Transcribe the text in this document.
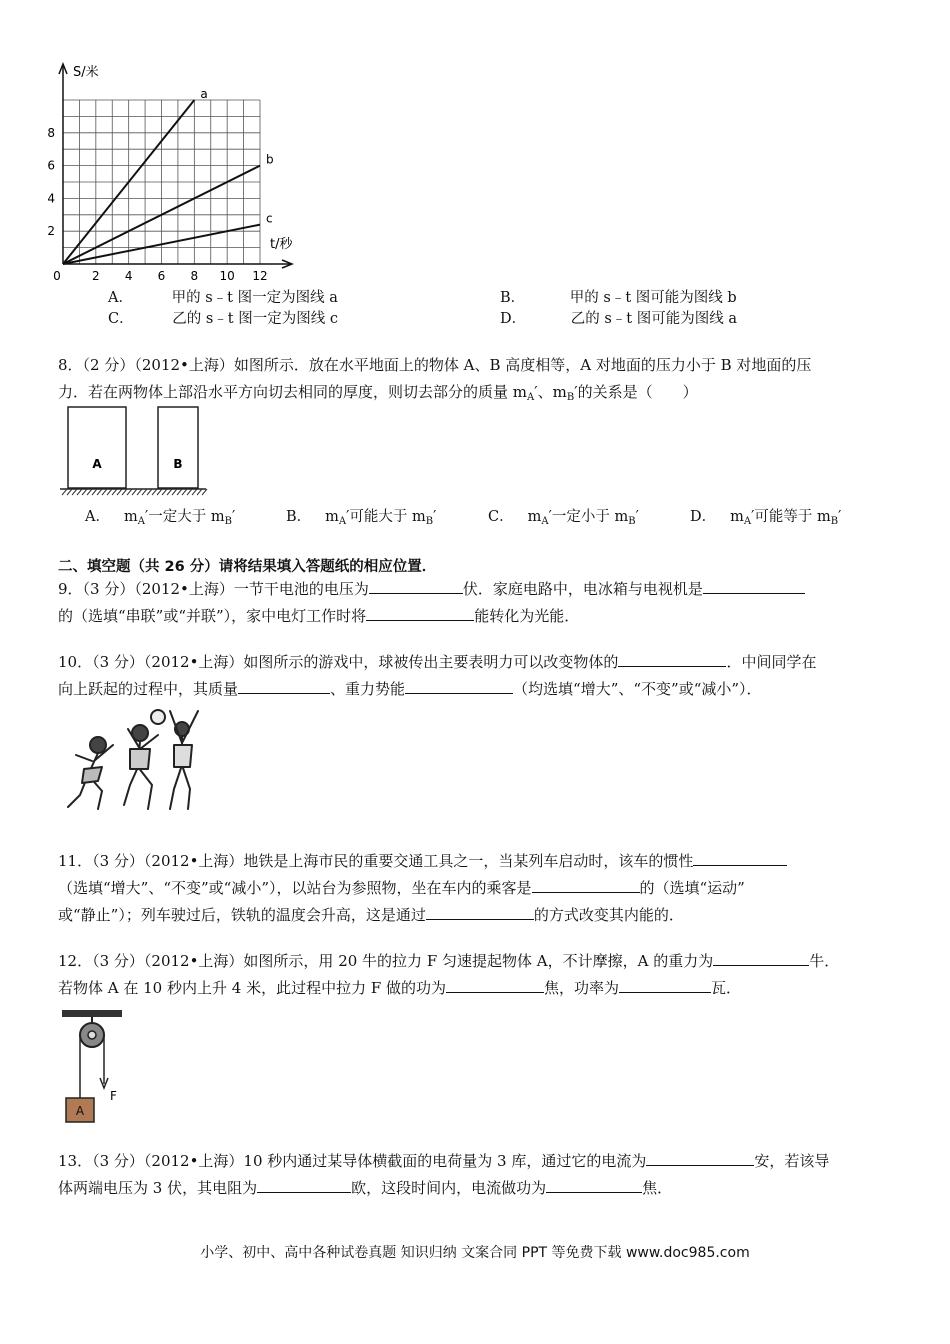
a
b
c
0	2 4 6 8 10 12
2
4
6
8
S/米
t/秒
A．	甲的 s﹣t 图一定为图线 a	B．	甲的 s﹣t 图可能为图线 b
C．	乙的 s﹣t 图一定为图线 c	D．	乙的 s﹣t 图可能为图线 a
8．（2 分）（2012•上海）如图所示．放在水平地面上的物体 A、B 高度相等，A 对地面的压力小于 B 对地面的压
力．若在两物体上部沿水平方向切去相同的厚度，则切去部分的质量 $m_A'$、$m_B'$的关系是（　　）
A	B
A． $m_A'$一定大于 $m_B'$	B． $m_A'$可能大于 $m_B'$	C． $m_A'$一定小于 $m_B'$	D． $m_A'$可能等于 $m_B'$
二、填空题（共 26 分）请将结果填入答题纸的相应位置．
9．（3 分）（2012•上海）一节干电池的电压为	伏．家庭电路中，电冰箱与电视机是
的（选填“串联”或“并联”），家中电灯工作时将	能转化为光能．
10．（3 分）（2012•上海）如图所示的游戏中，球被传出主要表明力可以改变物体的	．中间同学在
向上跃起的过程中，其质量	、重力势能	（均选填“增大”、“不变”或“减小”）．
11．（3 分）（2012•上海）地铁是上海市民的重要交通工具之一，当某列车启动时，该车的惯性
（选填“增大”、“不变”或“减小”），以站台为参照物，坐在车内的乘客是	的（选填“运动”
或“静止”）；列车驶过后，铁轨的温度会升高，这是通过	的方式改变其内能的．
12．（3 分）（2012•上海）如图所示，用 20 牛的拉力 F 匀速提起物体 A，不计摩擦，A 的重力为	牛．
若物体 A 在 10 秒内上升 4 米，此过程中拉力 F 做的功为	焦，功率为	瓦．
F
A
13．（3 分）（2012•上海）10 秒内通过某导体横截面的电荷量为 3 库，通过它的电流为	安，若该导
体两端电压为 3 伏，其电阻为	欧，这段时间内，电流做功为	焦．
小学、初中、高中各种试卷真题 知识归纳 文案合同 PPT 等免费下载 www.doc985.com
